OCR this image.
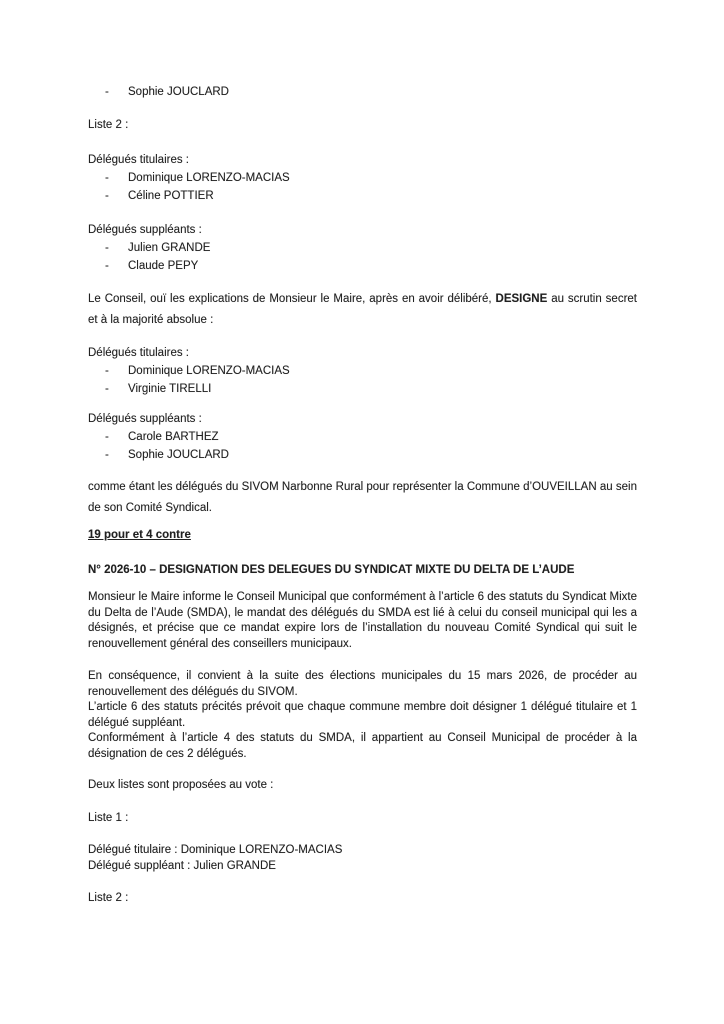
-	Sophie JOUCLARD
Liste 2 :
Délégués titulaires :
-	Dominique LORENZO-MACIAS
-	Céline POTTIER
Délégués suppléants :
-	Julien GRANDE
-	Claude PEPY

Le Conseil, ouï les explications de Monsieur le Maire, après en avoir délibéré, DESIGNE au scrutin secret et à la majorité absolue :

Délégués titulaires :
-	Dominique LORENZO-MACIAS
-	Virginie TIRELLI
Délégués suppléants :
-	Carole BARTHEZ
-	Sophie JOUCLARD

comme étant les délégués du SIVOM Narbonne Rural pour représenter la Commune d’OUVEILLAN au sein de son Comité Syndical.

19 pour et 4 contre
N° 2026-10 – DESIGNATION DES DELEGUES DU SYNDICAT MIXTE DU DELTA DE L’AUDE

Monsieur le Maire informe le Conseil Municipal que conformément à l’article 6 des statuts du Syndicat Mixte du Delta de l’Aude (SMDA), le mandat des délégués du SMDA est lié à celui du conseil municipal qui les a désignés, et précise que ce mandat expire lors de l’installation du nouveau Comité Syndical qui suit le renouvellement général des conseillers municipaux.

En conséquence, il convient à la suite des élections municipales du 15 mars 2026, de procéder au renouvellement des délégués du SIVOM.

L’article 6 des statuts précités prévoit que chaque commune membre doit désigner 1 délégué titulaire et 1 délégué suppléant.

Conformément à l’article 4 des statuts du SMDA, il appartient au Conseil Municipal de procéder à la désignation de ces 2 délégués.

Deux listes sont proposées au vote :
Liste 1 :
Délégué titulaire : Dominique LORENZO-MACIAS
Délégué suppléant : Julien GRANDE
Liste 2 :
